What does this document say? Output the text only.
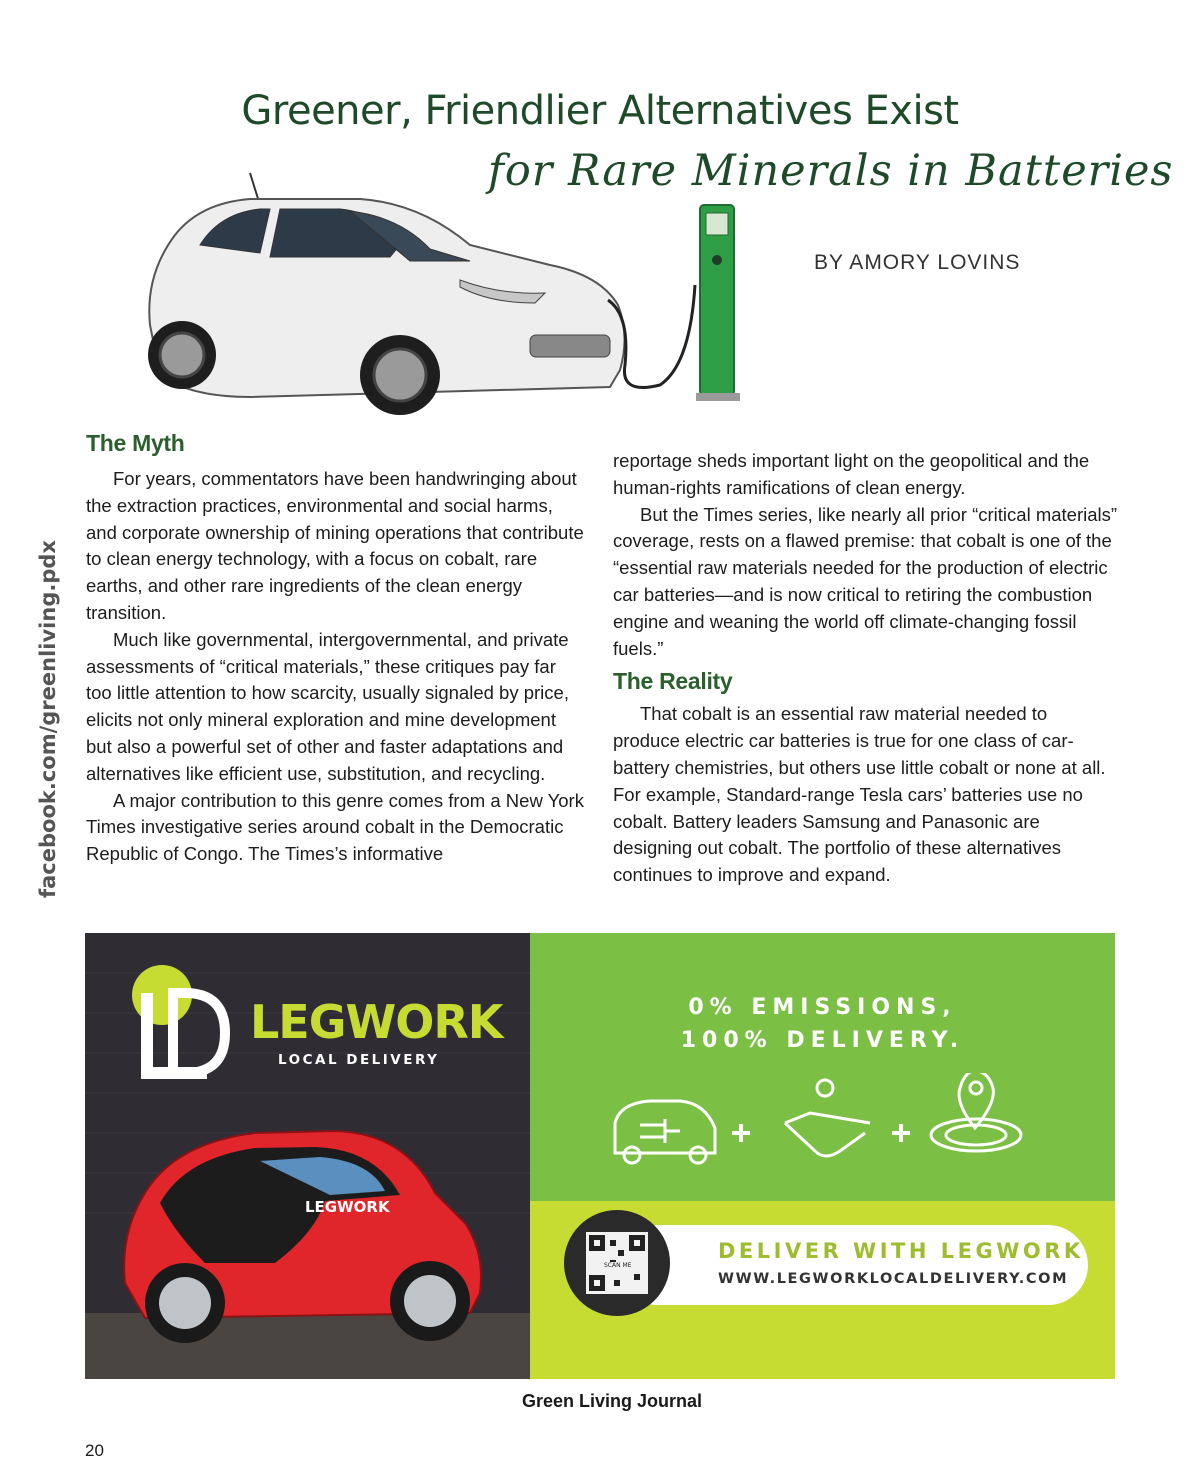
Greener, Friendlier Alternatives Exist
for Rare Minerals in Batteries
BY AMORY LOVINS
facebook.com/greenliving.pdx
The Myth

For years, commentators have been handwringing about the extraction practices, environmental and social harms, and corporate ownership of mining operations that contribute to clean energy technology, with a focus on cobalt, rare earths, and other rare ingredients of the clean energy transition.

Much like governmental, intergovernmental, and private assessments of “critical materials,” these critiques pay far too little attention to how scarcity, usually signaled by price, elicits not only mineral exploration and mine development but also a powerful set of other and faster adaptations and alternatives like efficient use, substitution, and recycling.

A major contribution to this genre comes from a New York Times investigative series around cobalt in the Democratic Republic of Congo. The Times’s informative

reportage sheds important light on the geopolitical and the human-rights ramifications of clean energy.

But the Times series, like nearly all prior “critical materials” coverage, rests on a flawed premise: that cobalt is one of the “essential raw materials needed for the production of electric car batteries—and is now critical to retiring the combustion engine and weaning the world off climate-changing fossil fuels.”

The Reality

That cobalt is an essential raw material needed to produce electric car batteries is true for one class of car-battery chemistries, but others use little cobalt or none at all. For example, Standard-range Tesla cars’ batteries use no cobalt. Battery leaders Samsung and Panasonic are designing out cobalt. The portfolio of these alternatives continues to improve and expand.

LEGWORK
LOCAL DELIVERY
LEGWORK
0% EMISSIONS,
100% DELIVERY.
DELIVER WITH LEGWORK
WWW.LEGWORKLOCALDELIVERY.COM
SCAN ME
20
Green Living Journal
